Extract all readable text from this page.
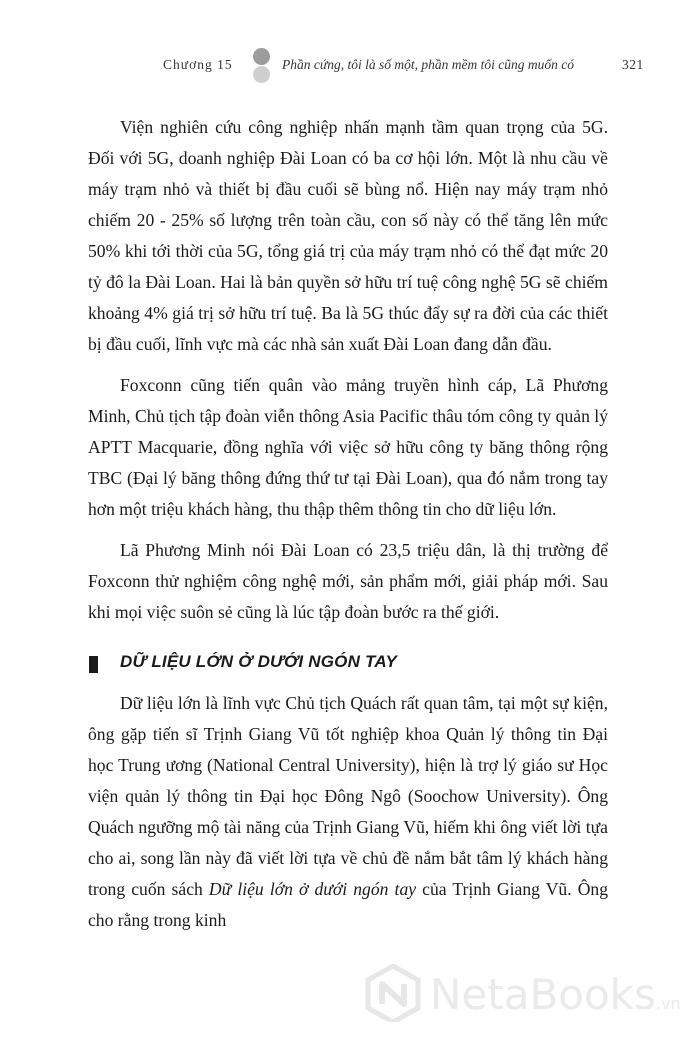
Chương 15	Phần cứng, tôi là số một, phần mềm tôi cũng muốn có	321

Viện nghiên cứu công nghiệp nhấn mạnh tầm quan trọng của 5G. Đối với 5G, doanh nghiệp Đài Loan có ba cơ hội lớn. Một là nhu cầu về máy trạm nhỏ và thiết bị đầu cuối sẽ bùng nổ. Hiện nay máy trạm nhỏ chiếm 20 - 25% số lượng trên toàn cầu, con số này có thể tăng lên mức 50% khi tới thời của 5G, tổng giá trị của máy trạm nhỏ có thể đạt mức 20 tỷ đô la Đài Loan. Hai là bản quyền sở hữu trí tuệ công nghệ 5G sẽ chiếm khoảng 4% giá trị sở hữu trí tuệ. Ba là 5G thúc đẩy sự ra đời của các thiết bị đầu cuối, lĩnh vực mà các nhà sản xuất Đài Loan đang dẫn đầu.

Foxconn cũng tiến quân vào mảng truyền hình cáp, Lã Phương Minh, Chủ tịch tập đoàn viễn thông Asia Pacific thâu tóm công ty quản lý APTT Macquarie, đồng nghĩa với việc sở hữu công ty băng thông rộng TBC (Đại lý băng thông đứng thứ tư tại Đài Loan), qua đó nắm trong tay hơn một triệu khách hàng, thu thập thêm thông tin cho dữ liệu lớn.

Lã Phương Minh nói Đài Loan có 23,5 triệu dân, là thị trường để Foxconn thử nghiệm công nghệ mới, sản phẩm mới, giải pháp mới. Sau khi mọi việc suôn sẻ cũng là lúc tập đoàn bước ra thế giới.

DỮ LIỆU LỚN Ở DƯỚI NGÓN TAY

Dữ liệu lớn là lĩnh vực Chủ tịch Quách rất quan tâm, tại một sự kiện, ông gặp tiến sĩ Trịnh Giang Vũ tốt nghiệp khoa Quản lý thông tin Đại học Trung ương (National Central University), hiện là trợ lý giáo sư Học viện quản lý thông tin Đại học Đông Ngô (Soochow University). Ông Quách ngưỡng mộ tài năng của Trịnh Giang Vũ, hiếm khi ông viết lời tựa cho ai, song lần này đã viết lời tựa về chủ đề nắm bắt tâm lý khách hàng trong cuốn sách Dữ liệu lớn ở dưới ngón tay của Trịnh Giang Vũ. Ông cho rằng trong kinh

NetaBooks.vn
